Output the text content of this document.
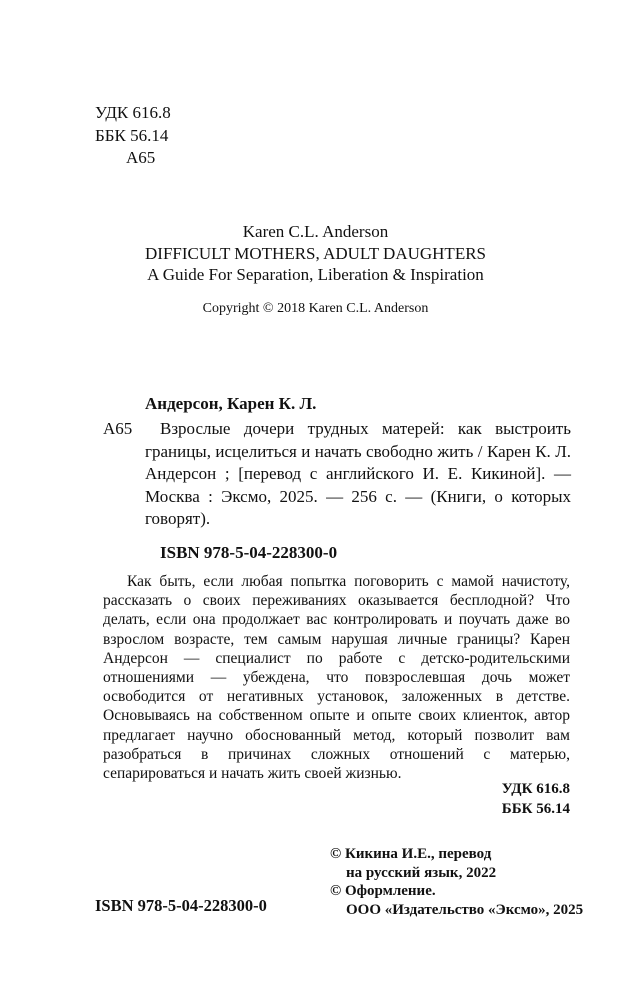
УДК 616.8
ББК 56.14
А65
Karen C.L. Anderson
DIFFICULT MOTHERS, ADULT DAUGHTERS
A Guide For Separation, Liberation & Inspiration
Copyright © 2018 Karen C.L. Anderson
Андерсон, Карен К. Л.
А65	Взрослые дочери трудных матерей: как выстроить границы, исцелиться и начать свободно жить / Карен К. Л. Андерсон ; [перевод с английского И. Е. Кикиной]. — Москва : Эксмо, 2025. — 256 с. — (Книги, о которых говорят).
ISBN 978-5-04-228300-0
Как быть, если любая попытка поговорить с мамой начистоту, рассказать о своих переживаниях оказывается бесплодной? Что делать, если она продолжает вас контролировать и поучать даже во взрослом возрасте, тем самым нарушая личные границы? Карен Андерсон — специалист по работе с детско-родительскими отношениями — убеждена, что повзрослевшая дочь может освободится от негативных установок, заложенных в детстве. Основываясь на собственном опыте и опыте своих клиенток, автор предлагает научно обоснованный метод, который позволит вам разобраться в причинах сложных отношений с матерью, сепарироваться и начать жить своей жизнью.
УДК 616.8
ББК 56.14
© Кикина И.Е., перевод
на русский язык, 2022
© Оформление.
ООО «Издательство «Эксмо», 2025
ISBN 978-5-04-228300-0
